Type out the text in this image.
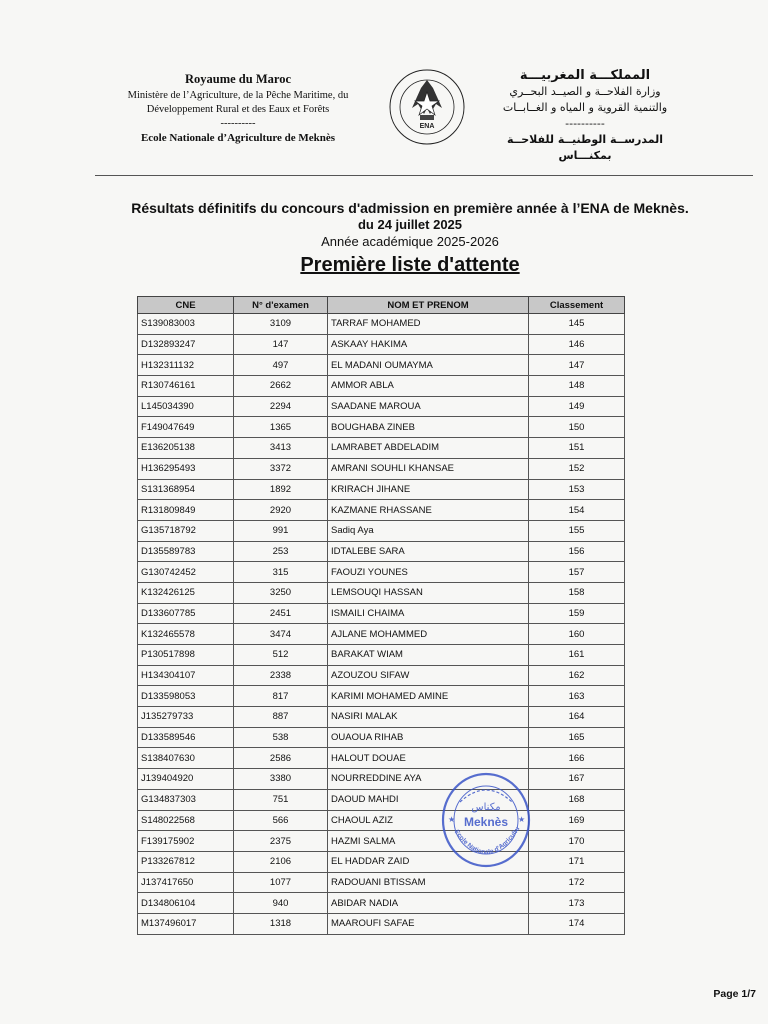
Royaume du Maroc
Ministère de l’Agriculture, de la Pêche Maritime, du
Développement Rural et des Eaux et Forêts
----------
Ecole Nationale d’Agriculture de Meknès
ENA
المملكـــة المغربيـــة
وزارة الفلاحــة و الصيــد البحــري
والتنمية القروية و المياه و الغــابــات
----------
المدرســة الوطنيــة للفلاحــة بمكنـــاس
Résultats définitifs du concours d'admission en première année à l’ENA de Meknès.
du 24 juillet 2025
Année académique 2025-2026
Première liste d'attente
CNE	N° d'examen	NOM ET PRENOM	Classement
S139083003	3109	TARRAF MOHAMED	145
D132893247	147	ASKAAY HAKIMA	146
H132311132	497	EL MADANI OUMAYMA	147
R130746161	2662	AMMOR ABLA	148
L145034390	2294	SAADANE MAROUA	149
F149047649	1365	BOUGHABA ZINEB	150
E136205138	3413	LAMRABET ABDELADIM	151
H136295493	3372	AMRANI SOUHLI KHANSAE	152
S131368954	1892	KRIRACH JIHANE	153
R131809849	2920	KAZMANE RHASSANE	154
G135718792	991	Sadiq Aya	155
D135589783	253	IDTALEBE SARA	156
G130742452	315	FAOUZI YOUNES	157
K132426125	3250	LEMSOUQI HASSAN	158
D133607785	2451	ISMAILI CHAIMA	159
K132465578	3474	AJLANE MOHAMMED	160
P130517898	512	BARAKAT WIAM	161
H134304107	2338	AZOUZOU SIFAW	162
D133598053	817	KARIMI MOHAMED AMINE	163
J135279733	887	NASIRI MALAK	164
D133589546	538	OUAOUA RIHAB	165
S138407630	2586	HALOUT DOUAE	166
J139404920	3380	NOURREDDINE AYA	167
G134837303	751	DAOUD MAHDI	168
S148022568	566	CHAOUL AZIZ	169
F139175902	2375	HAZMI SALMA	170
P133267812	2106	EL HADDAR ZAID	171
J137417650	1077	RADOUANI BTISSAM	172
D134806104	940	ABIDAR NADIA	173
M137496017	1318	MAAROUFI SAFAE	174
مكناس
Meknès
Ecole Nationale d'Agricultu
★	★
Page 1/7
